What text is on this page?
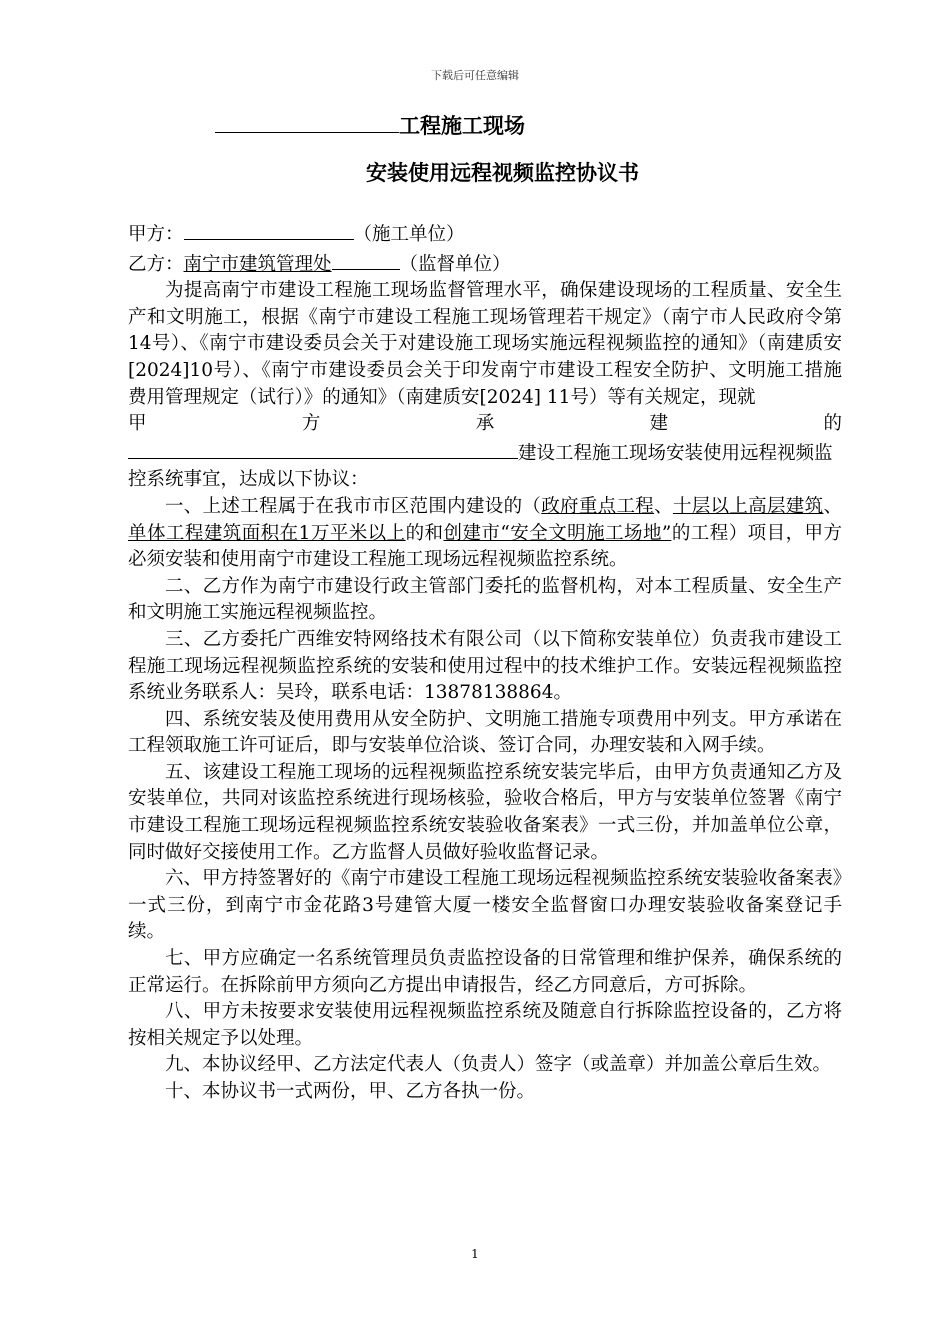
下载后可任意编辑
工程施工现场
安装使用远程视频监控协议书
甲方：	（施工单位）
乙方：南宁市建筑管理处	（监督单位）

为提高南宁市建设工程施工现场监督管理水平，确保建设现场的工程质量、安全生产和文明施工，根据《南宁市建设工程施工现场管理若干规定》（南宁市人民政府令第14号）、《南宁市建设委员会关于对建设施工现场实施远程视频监控的通知》（南建质安[2024]10号）、《南宁市建设委员会关于印发南宁市建设工程安全防护、文明施工措施费用管理规定（试行）》的通知》（南建质安[2024] 11号）等有关规定，现就

甲	方	承	建	的
建设工程施工现场安装使用远程视频监控系统事宜，达成以下协议：

一、上述工程属于在我市市区范围内建设的（政府重点工程、十层以上高层建筑、单体工程建筑面积在1万平米以上的和创建市“安全文明施工场地”的工程）项目，甲方必须安装和使用南宁市建设工程施工现场远程视频监控系统。

二、乙方作为南宁市建设行政主管部门委托的监督机构，对本工程质量、安全生产和文明施工实施远程视频监控。

三、乙方委托广西维安特网络技术有限公司（以下简称安装单位）负责我市建设工程施工现场远程视频监控系统的安装和使用过程中的技术维护工作。安装远程视频监控系统业务联系人：吴玲，联系电话：13878138864。

四、系统安装及使用费用从安全防护、文明施工措施专项费用中列支。甲方承诺在工程领取施工许可证后，即与安装单位洽谈、签订合同，办理安装和入网手续。

五、该建设工程施工现场的远程视频监控系统安装完毕后，由甲方负责通知乙方及安装单位，共同对该监控系统进行现场核验，验收合格后，甲方与安装单位签署《南宁市建设工程施工现场远程视频监控系统安装验收备案表》一式三份，并加盖单位公章，同时做好交接使用工作。乙方监督人员做好验收监督记录。

六、甲方持签署好的《南宁市建设工程施工现场远程视频监控系统安装验收备案表》一式三份，到南宁市金花路3号建管大厦一楼安全监督窗口办理安装验收备案登记手续。

七、甲方应确定一名系统管理员负责监控设备的日常管理和维护保养，确保系统的正常运行。在拆除前甲方须向乙方提出申请报告，经乙方同意后，方可拆除。

八、甲方未按要求安装使用远程视频监控系统及随意自行拆除监控设备的，乙方将按相关规定予以处理。

九、本协议经甲、乙方法定代表人（负责人）签字（或盖章）并加盖公章后生效。

十、本协议书一式两份，甲、乙方各执一份。

1
